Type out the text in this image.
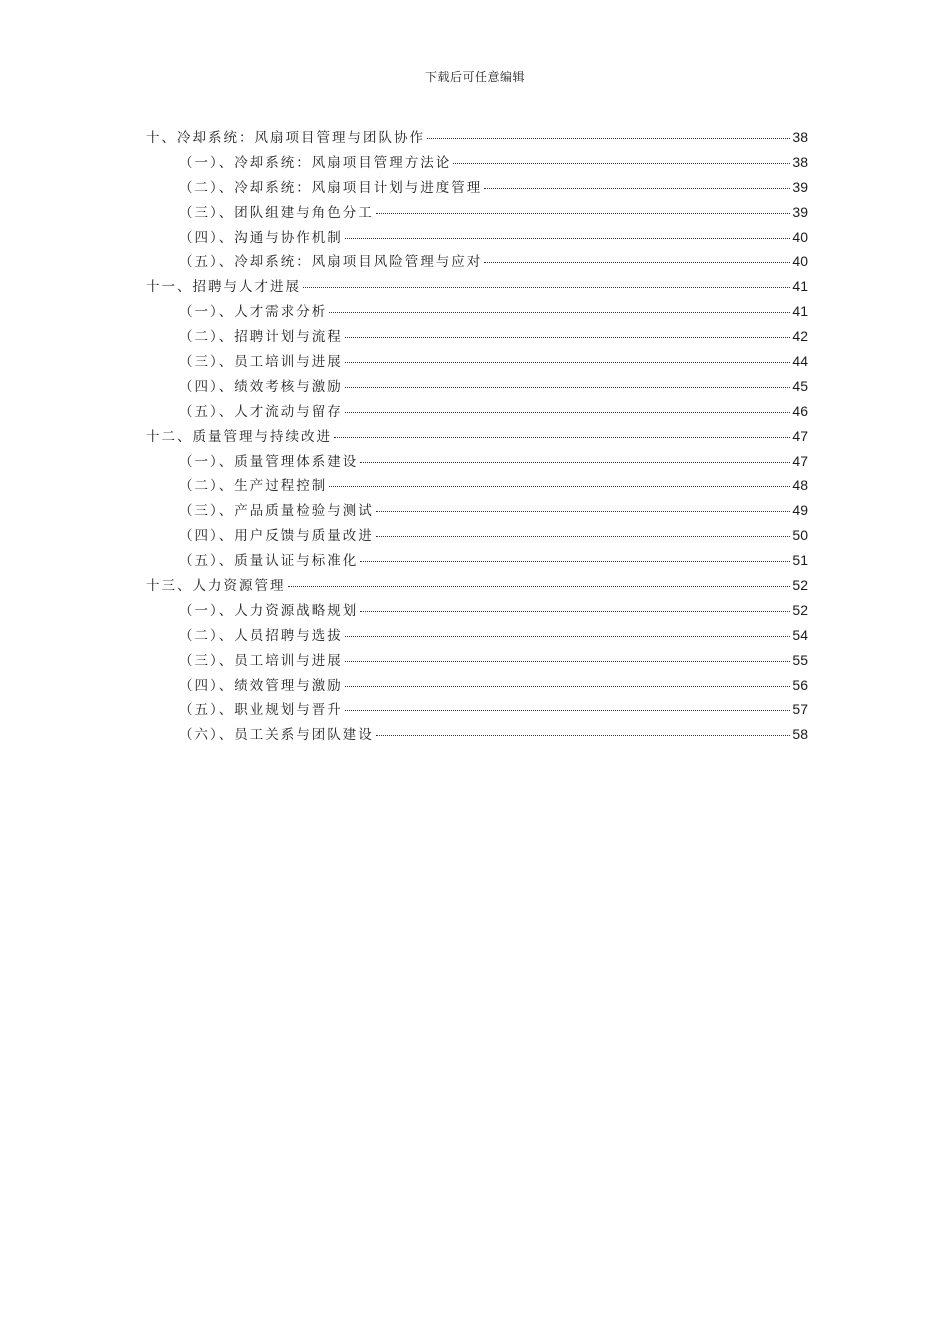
下载后可任意编辑
十、冷却系统：风扇项目管理与团队协作	38
（一）、冷却系统：风扇项目管理方法论	38
（二）、冷却系统：风扇项目计划与进度管理	39
（三）、团队组建与角色分工	39
（四）、沟通与协作机制	40
（五）、冷却系统：风扇项目风险管理与应对	40
十一、招聘与人才进展	41
（一）、人才需求分析	41
（二）、招聘计划与流程	42
（三）、员工培训与进展	44
（四）、绩效考核与激励	45
（五）、人才流动与留存	46
十二、质量管理与持续改进	47
（一）、质量管理体系建设	47
（二）、生产过程控制	48
（三）、产品质量检验与测试	49
（四）、用户反馈与质量改进	50
（五）、质量认证与标准化	51
十三、人力资源管理	52
（一）、人力资源战略规划	52
（二）、人员招聘与选拔	54
（三）、员工培训与进展	55
（四）、绩效管理与激励	56
（五）、职业规划与晋升	57
（六）、员工关系与团队建设	58
